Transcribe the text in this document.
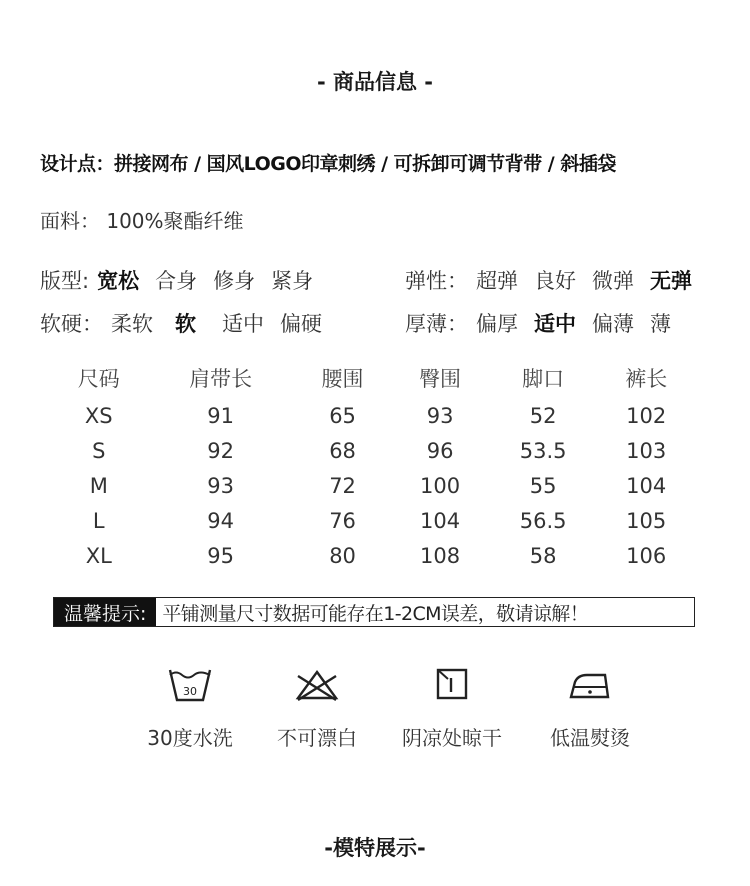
- 商品信息 -
设计点：拼接网布 / 国风LOGO印章刺绣 / 可拆卸可调节背带 / 斜插袋
面料： 100%聚酯纤维
版型: 宽松 合身 修身 紧身	弹性： 超弹 良好 微弹 无弹
软硬： 柔软 软 适中 偏硬	厚薄： 偏厚 适中 偏薄 薄
尺码	肩带长	腰围	臀围	脚口	裤长
XS	91	65	93	52	102
S	92	68	96	53.5	103
M	93	72	100	55	104
L	94	76	104	56.5	105
XL	95	80	108	58	106
温馨提示: 平铺测量尺寸数据可能存在1-2CM误差，敬请谅解！
30
30度水洗	不可漂白	阴凉处晾干	低温熨烫
-模特展示-
